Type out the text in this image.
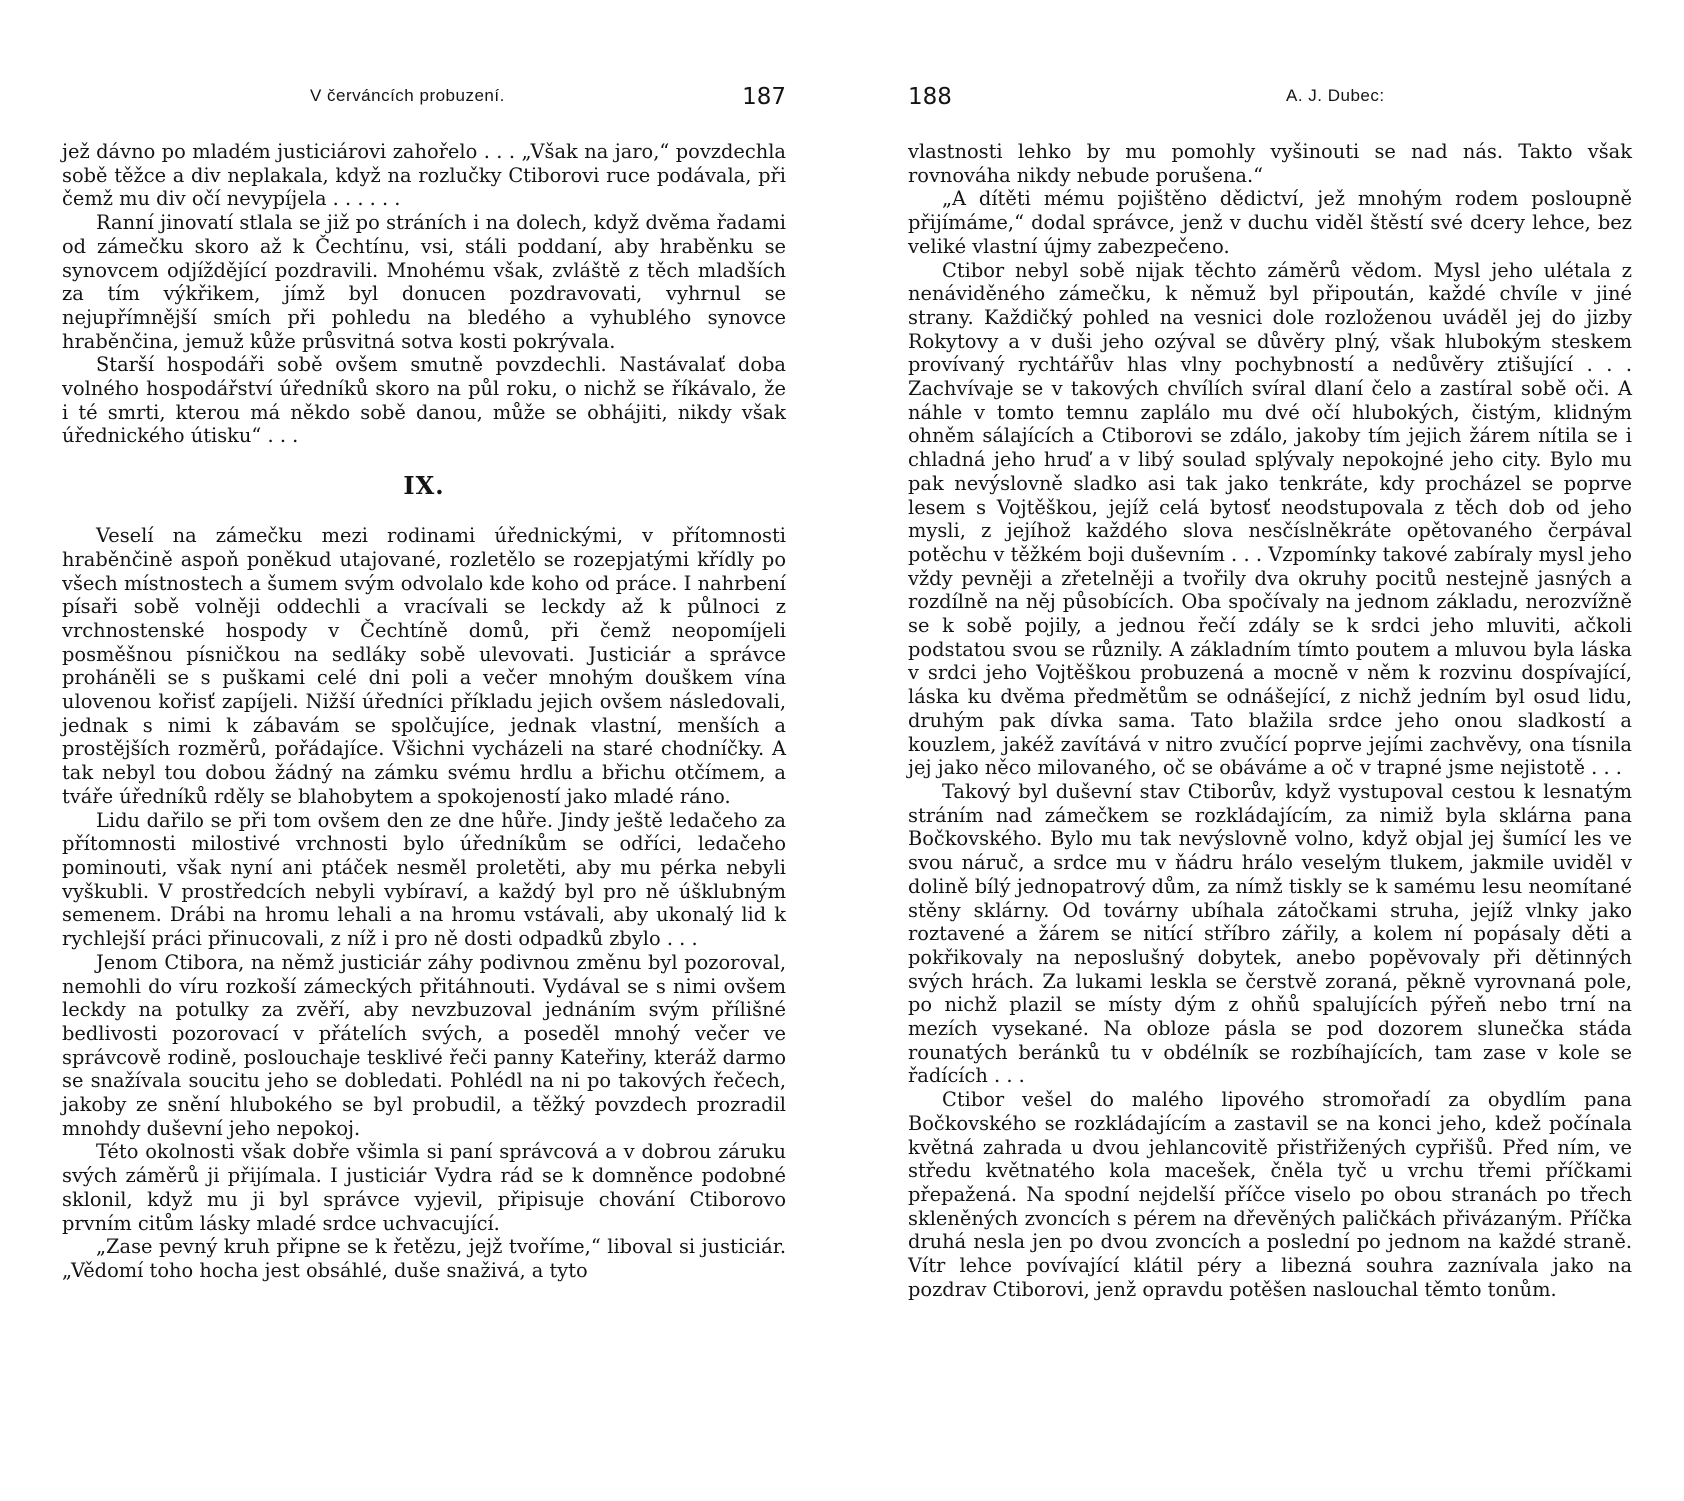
V červáncích probuzení.	187

jež dávno po mladém justiciárovi zahořelo . . . „Však na jaro,“ povzdechla sobě těžce a div neplakala, když na rozlučky Ctiborovi ruce podávala, při čemž mu div očí nevypíjela . . . . . .

Ranní jinovatí stlala se již po stráních i na dolech, když dvěma řadami od zámečku skoro až k Čechtínu, vsi, stáli poddaní, aby hraběnku se synovcem odjíždějící pozdravili. Mnohému však, zvláště z těch mladších za tím výkřikem, jímž byl donucen pozdravovati, vyhrnul se nejupřímnější smích při pohledu na bledého a vyhublého synovce hraběnčina, jemuž kůže průsvitná sotva kosti pokrývala.

Starší hospodáři sobě ovšem smutně povzdechli. Nastávalať doba volného hospodářství úředníků skoro na půl roku, o nichž se říkávalo, že i té smrti, kterou má někdo sobě danou, může se obhájiti, nikdy však úřednického útisku“ . . .

IX.

Veselí na zámečku mezi rodinami úřednickými, v přítomnosti hraběnčině aspoň poněkud utajované, rozletělo se rozepjatými křídly po všech místnostech a šumem svým odvolalo kde koho od práce. I nahrbení písaři sobě volněji oddechli a vracívali se leckdy až k půlnoci z vrchnostenské hospody v Čechtíně domů, při čemž neopomíjeli posměšnou písničkou na sedláky sobě ulevovati. Justiciár a správce proháněli se s puškami celé dni poli a večer mnohým douškem vína ulovenou kořisť zapíjeli. Nižší úředníci příkladu jejich ovšem následovali, jednak s nimi k zábavám se spolčujíce, jednak vlastní, menších a prostějších rozměrů, pořádajíce. Všichni vycházeli na staré chodníčky. A tak nebyl tou dobou žádný na zámku svému hrdlu a břichu otčímem, a tváře úředníků rděly se blahobytem a spokojeností jako mladé ráno.

Lidu dařilo se při tom ovšem den ze dne hůře. Jindy ještě ledačeho za přítomnosti milostivé vrchnosti bylo úředníkům se odříci, ledačeho pominouti, však nyní ani ptáček nesměl proletěti, aby mu pérka nebyli vyškubli. V prostředcích nebyli vybíraví, a každý byl pro ně úšklubným semenem. Drábi na hromu lehali a na hromu vstávali, aby ukonalý lid k rychlejší práci přinucovali, z níž i pro ně dosti odpadků zbylo . . .

Jenom Ctibora, na němž justiciár záhy podivnou změnu byl pozoroval, nemohli do víru rozkoší zámeckých přitáhnouti. Vydával se s nimi ovšem leckdy na potulky za zvěří, aby nevzbuzoval jednáním svým přílišné bedlivosti pozorovací v přátelích svých, a poseděl mnohý večer ve správcově rodině, poslouchaje tesklivé řeči panny Kateřiny, kteráž darmo se snažívala soucitu jeho se dobledati. Pohlédl na ni po takových řečech, jakoby ze snění hlubokého se byl probudil, a těžký povzdech prozradil mnohdy duševní jeho nepokoj.

Této okolnosti však dobře všimla si paní správcová a v dobrou záruku svých záměrů ji přijímala. I justiciár Vydra rád se k domněnce podobné sklonil, když mu ji byl správce vyjevil, připisuje chování Ctiborovo prvním citům lásky mladé srdce uchvacující.

„Zase pevný kruh připne se k řetězu, jejž tvoříme,“ liboval si justiciár. „Vědomí toho hocha jest obsáhlé, duše snaživá, a tyto

188	A. J. Dubec:

vlastnosti lehko by mu pomohly vyšinouti se nad nás. Takto však rovnováha nikdy nebude porušena.“

„A dítěti mému pojištěno dědictví, jež mnohým rodem posloupně přijímáme,“ dodal správce, jenž v duchu viděl štěstí své dcery lehce, bez veliké vlastní újmy zabezpečeno.

Ctibor nebyl sobě nijak těchto záměrů vědom. Mysl jeho ulétala z nenáviděného zámečku, k němuž byl připoután, každé chvíle v jiné strany. Každičký pohled na vesnici dole rozloženou uváděl jej do jizby Rokytovy a v duši jeho ozýval se důvěry plný, však hlubokým steskem provívaný rychtářův hlas vlny pochybností a nedůvěry ztišující . . . Zachvívaje se v takových chvílích svíral dlaní čelo a zastíral sobě oči. A náhle v tomto temnu zaplálo mu dvé očí hlubokých, čistým, klidným ohněm sálajících a Ctiborovi se zdálo, jakoby tím jejich žárem nítila se i chladná jeho hruď a v libý soulad splývaly nepokojné jeho city. Bylo mu pak nevýslovně sladko asi tak jako tenkráte, kdy procházel se poprve lesem s Vojtěškou, jejíž celá bytosť neodstupovala z těch dob od jeho mysli, z jejíhož každého slova nesčíslněkráte opětovaného čerpával potěchu v těžkém boji duševním . . . Vzpomínky takové zabíraly mysl jeho vždy pevněji a zřetelněji a tvořily dva okruhy pocitů nestejně jasných a rozdílně na něj působících. Oba spočívaly na jednom základu, nerozvížně se k sobě pojily, a jednou řečí zdály se k srdci jeho mluviti, ačkoli podstatou svou se různily. A základním tímto poutem a mluvou byla láska v srdci jeho Vojtěškou probuzená a mocně v něm k rozvinu dospívající, láska ku dvěma předmětům se odnášející, z nichž jedním byl osud lidu, druhým pak dívka sama. Tato blažila srdce jeho onou sladkostí a kouzlem, jakéž zavítává v nitro zvučící poprve jejími zachvěvy, ona tísnila jej jako něco milovaného, oč se obáváme a oč v trapné jsme nejistotě . . .

Takový byl duševní stav Ctiborův, když vystupoval cestou k lesnatým stráním nad zámečkem se rozkládajícím, za nimiž byla sklárna pana Bočkovského. Bylo mu tak nevýslovně volno, když objal jej šumící les ve svou náruč, a srdce mu v ňádru hrálo veselým tlukem, jakmile uviděl v dolině bílý jednopatrový dům, za nímž tiskly se k samému lesu neomítané stěny sklárny. Od továrny ubíhala zátočkami struha, jejíž vlnky jako roztavené a žárem se nitící stříbro zářily, a kolem ní popásaly děti a pokřikovaly na neposlušný dobytek, anebo popěvovaly při dětinných svých hrách. Za lukami leskla se čerstvě zoraná, pěkně vyrovnaná pole, po nichž plazil se místy dým z ohňů spalujících pýřeň nebo trní na mezích vysekané. Na obloze pásla se pod dozorem slunečka stáda rounatých beránků tu v obdélník se rozbíhajících, tam zase v kole se řadících . . .

Ctibor vešel do malého lipového stromořadí za obydlím pana Bočkovského se rozkládajícím a zastavil se na konci jeho, kdež počínala květná zahrada u dvou jehlancovitě přistřižených cypřišů. Před ním, ve středu květnatého kola macešek, čněla tyč u vrchu třemi příčkami přepažená. Na spodní nejdelší příčce viselo po obou stranách po třech skleněných zvoncích s pérem na dřevěných paličkách přivázaným. Příčka druhá nesla jen po dvou zvoncích a poslední po jednom na každé straně. Vítr lehce povívající klátil péry a libezná souhra zaznívala jako na pozdrav Ctiborovi, jenž opravdu potěšen naslouchal těmto tonům.
